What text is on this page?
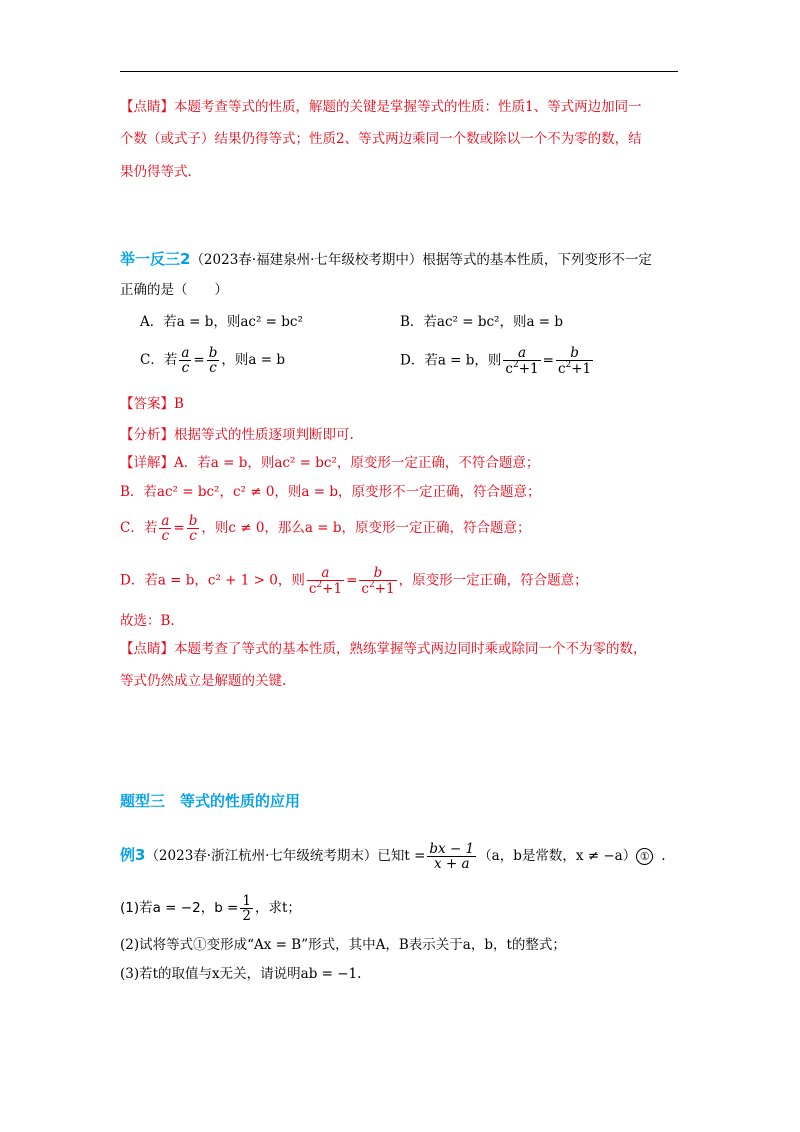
【点睛】本题考查等式的性质，解题的关键是掌握等式的性质：性质1、等式两边加同一
个数（或式子）结果仍得等式；性质2、等式两边乘同一个数或除以一个不为零的数，结
果仍得等式.
举一反三2（2023春·福建泉州·七年级校考期中）根据等式的基本性质，下列变形不一定
正确的是（　　）
A．若a = b，则ac² = bc²	B．若ac² = bc²，则a = b
C．若 $\frac{a}{c} = \frac{b}{c}$ ，则a = b	D．若a = b，则 $\frac{a}{c^2+1} = \frac{b}{c^2+1}$
【答案】B
【分析】根据等式的性质逐项判断即可.
【详解】A．若a = b，则ac² = bc²，原变形一定正确，不符合题意；
B．若ac² = bc²，c² ≠ 0，则a = b，原变形不一定正确，符合题意；
C．若 $\frac{a}{c} = \frac{b}{c}$ ，则c ≠ 0，那么a = b，原变形一定正确，符合题意；
D．若a = b，c² + 1 > 0，则 $\frac{a}{c^2+1} = \frac{b}{c^2+1}$ ，原变形一定正确，符合题意；
故选：B.
【点睛】本题考查了等式的基本性质，熟练掌握等式两边同时乘或除同一个不为零的数，
等式仍然成立是解题的关键.
题型三　等式的性质的应用
例3（2023春·浙江杭州·七年级统考期末）已知$t = \frac{bx - 1}{x + a} (a$，b是常数，x ≠ −a） ① .
(1)若a = −2，$b = \frac{1}{2}$ ，求t；
(2)试将等式①变形成“Ax = B”形式，其中A，B表示关于a，b，t的整式；
(3)若t的取值与x无关，请说明ab = −1.
